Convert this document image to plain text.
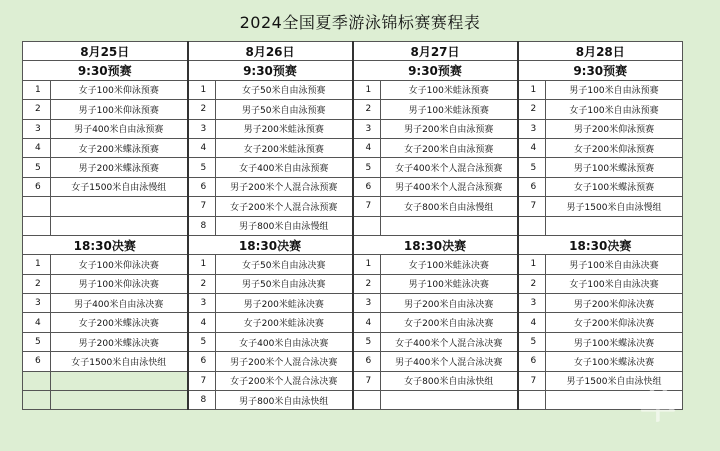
2024全国夏季游泳锦标赛赛程表
8月25日		8月26日		8月27日		8月28日	
9:30预赛		9:30预赛		9:30预赛		9:30预赛	
1	女子100米仰泳预赛	1	女子50米自由泳预赛	1	女子100米蛙泳预赛	1	男子100米自由泳预赛
2	男子100米仰泳预赛	2	男子50米自由泳预赛	2	男子100米蛙泳预赛	2	女子100米自由泳预赛
3	男子400米自由泳预赛	3	男子200米蛙泳预赛	3	男子200米自由泳预赛	3	男子200米仰泳预赛
4	女子200米蝶泳预赛	4	女子200米蛙泳预赛	4	女子200米自由泳预赛	4	女子200米仰泳预赛
5	男子200米蝶泳预赛	5	女子400米自由泳预赛	5	女子400米个人混合泳预赛	5	男子100米蝶泳预赛
6	女子1500米自由泳慢组	6	男子200米个人混合泳预赛	6	男子400米个人混合泳预赛	6	女子100米蝶泳预赛
		7	女子200米个人混合泳预赛	7	女子800米自由泳慢组	7	男子1500米自由泳慢组
		8	男子800米自由泳慢组				
18:30决赛		18:30决赛		18:30决赛		18:30决赛	
1	女子100米仰泳决赛	1	女子50米自由泳决赛	1	女子100米蛙泳决赛	1	男子100米自由泳决赛
2	男子100米仰泳决赛	2	男子50米自由泳决赛	2	男子100米蛙泳决赛	2	女子100米自由泳决赛
3	男子400米自由泳决赛	3	男子200米蛙泳决赛	3	男子200米自由泳决赛	3	男子200米仰泳决赛
4	女子200米蝶泳决赛	4	女子200米蛙泳决赛	4	女子200米自由泳决赛	4	女子200米仰泳决赛
5	男子200米蝶泳决赛	5	女子400米自由泳决赛	5	女子400米个人混合泳决赛	5	男子100米蝶泳决赛
6	女子1500米自由泳快组	6	男子200米个人混合泳决赛	6	男子400米个人混合泳决赛	6	女子100米蝶泳决赛
		7	女子200米个人混合泳决赛	7	女子800米自由泳快组	7	男子1500米自由泳快组
		8	男子800米自由泳快组					羊
